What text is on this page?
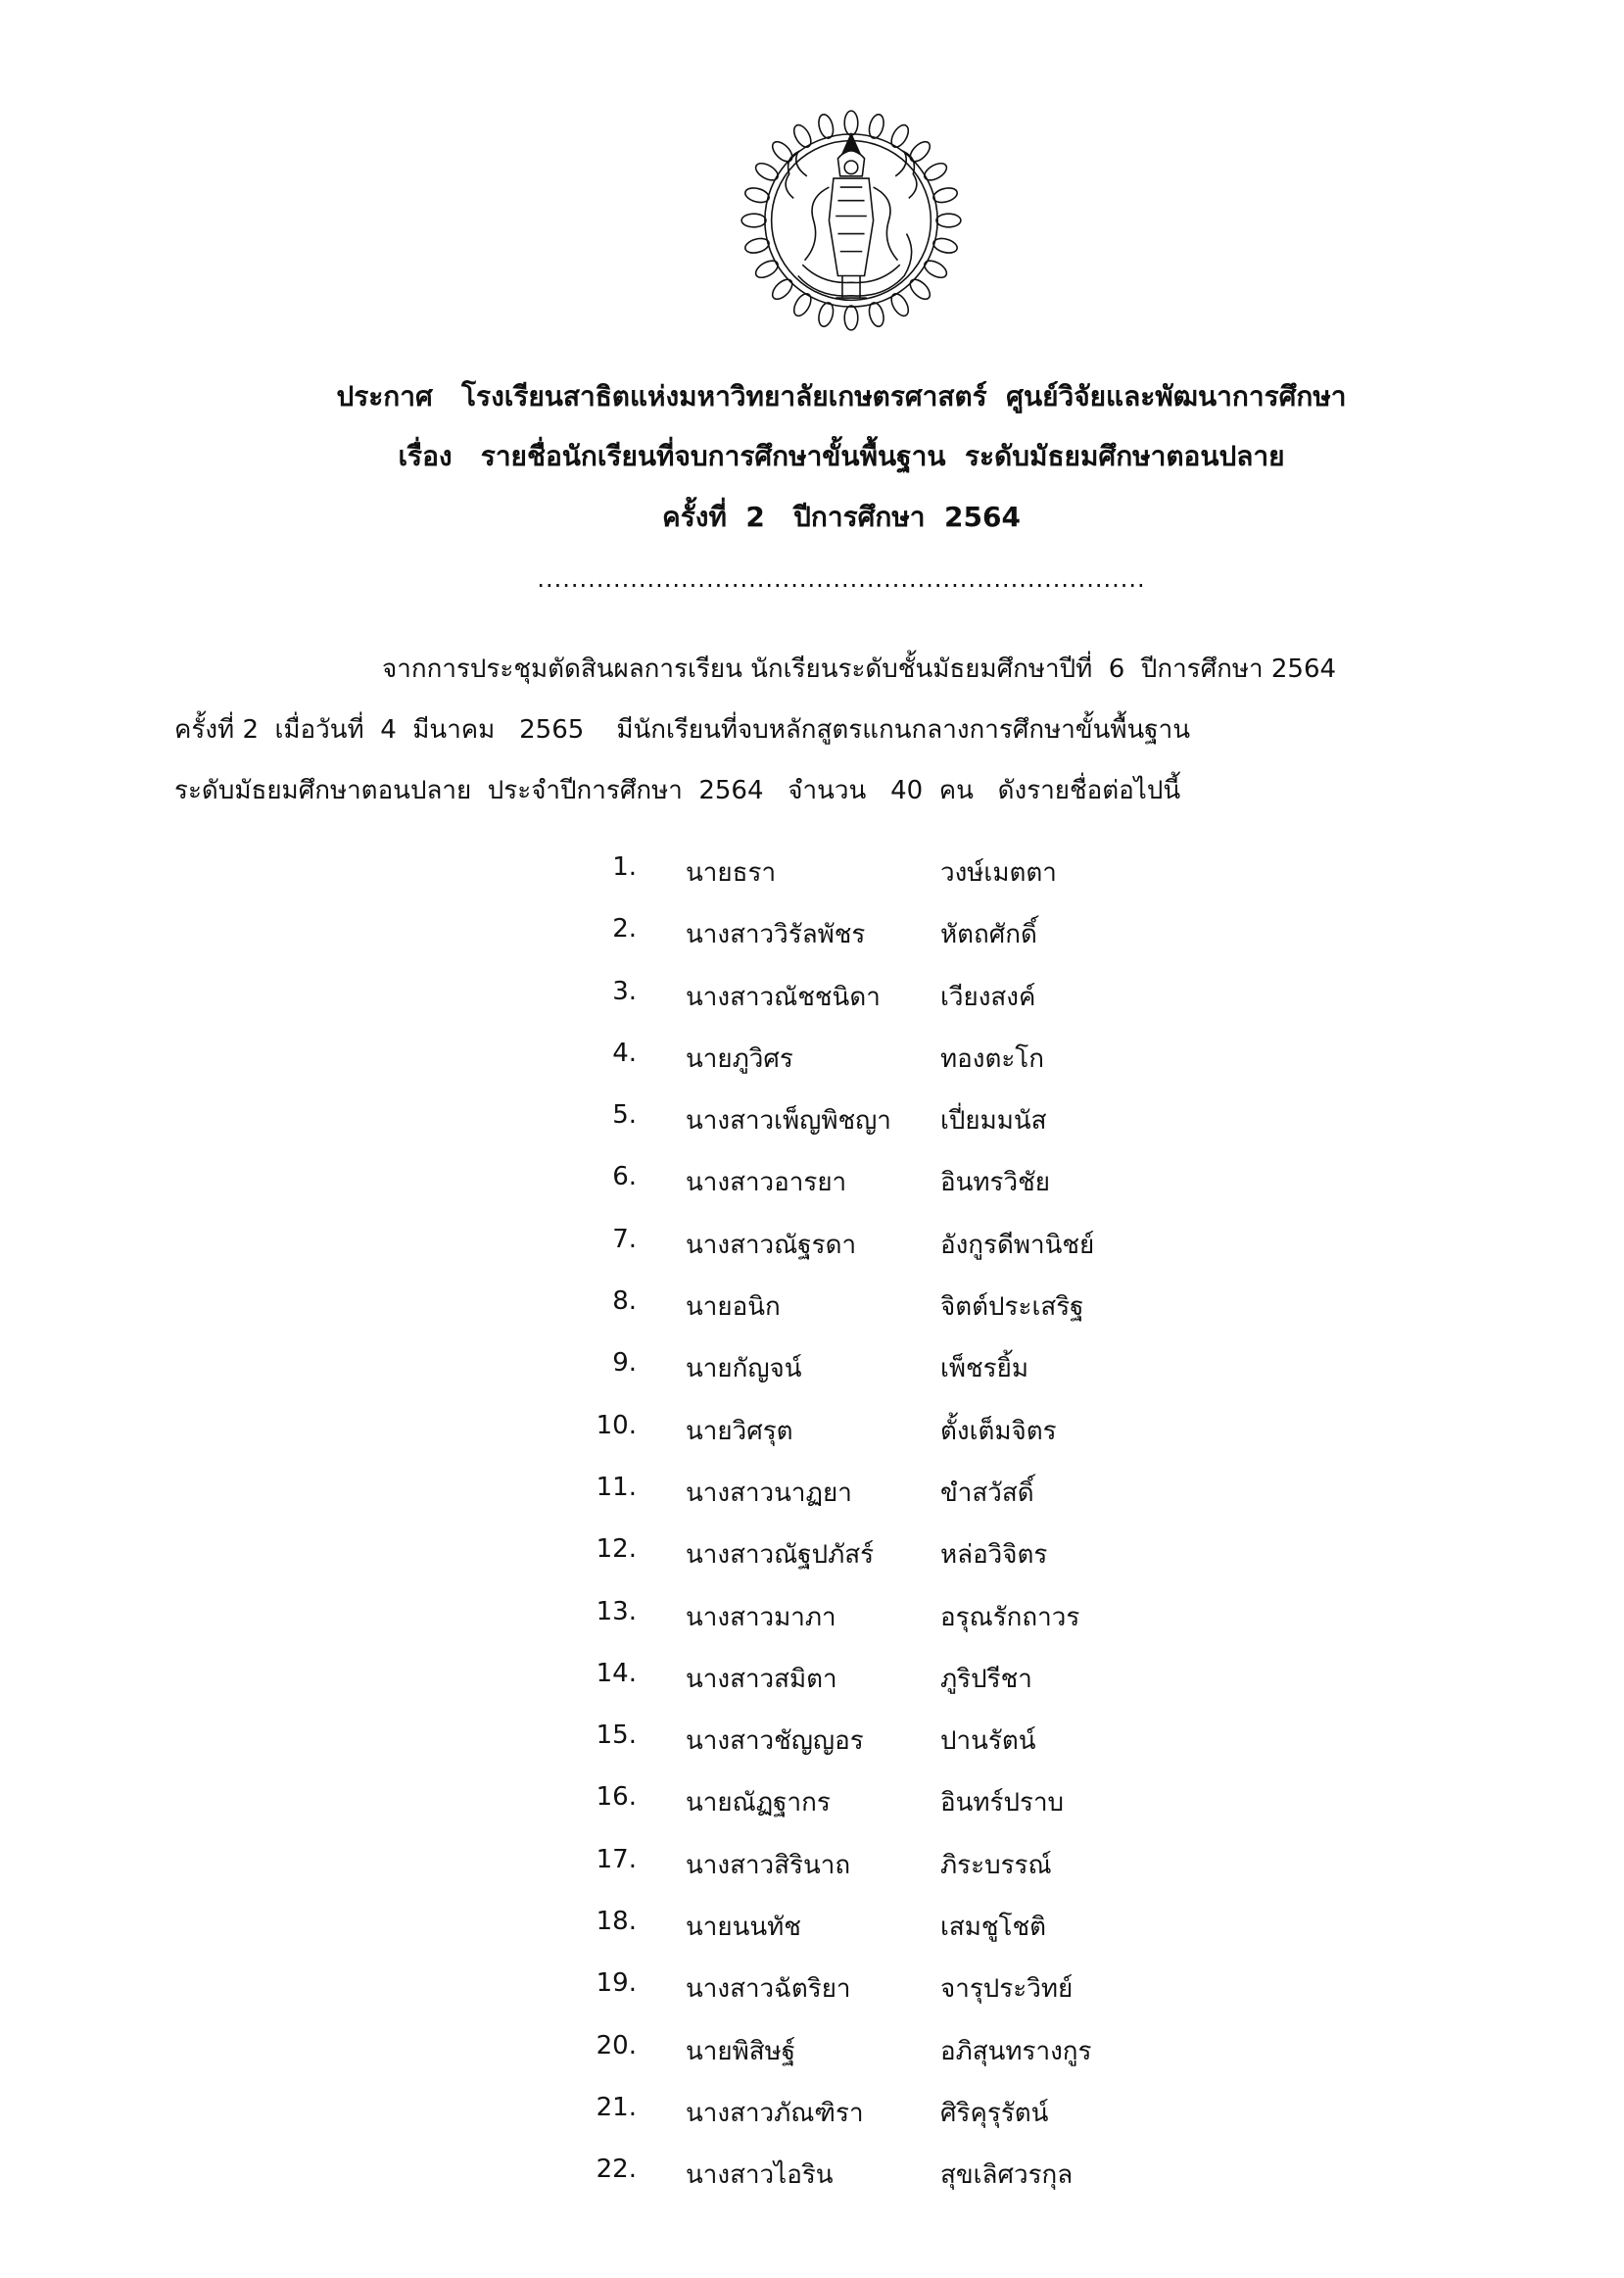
ประกาศ   โรงเรียนสาธิตแห่งมหาวิทยาลัยเกษตรศาสตร์  ศูนย์วิจัยและพัฒนาการศึกษา
เรื่อง   รายชื่อนักเรียนที่จบการศึกษาขั้นพื้นฐาน  ระดับมัธยมศึกษาตอนปลาย
ครั้งที่  2   ปีการศึกษา  2564
........................................................................
จากการประชุมตัดสินผลการเรียน นักเรียนระดับชั้นมัธยมศึกษาปีที่  6  ปีการศึกษา 2564
ครั้งที่ 2  เมื่อวันที่  4  มีนาคม   2565    มีนักเรียนที่จบหลักสูตรแกนกลางการศึกษาขั้นพื้นฐาน
ระดับมัธยมศึกษาตอนปลาย  ประจำปีการศึกษา  2564   จำนวน   40  คน   ดังรายชื่อต่อไปนี้
1. นายธรา	วงษ์เมตตา
2. นางสาววิรัลพัชร	หัตถศักดิ์
3. นางสาวณัชชนิดา	เวียงสงค์
4. นายภูวิศร	ทองตะโก
5. นางสาวเพ็ญพิชญา	เปี่ยมมนัส
6. นางสาวอารยา	อินทรวิชัย
7. นางสาวณัฐรดา	อังกูรดีพานิชย์
8. นายอนิก	จิตต์ประเสริฐ
9. นายกัญจน์	เพ็ชรยิ้ม
10. นายวิศรุต	ตั้งเต็มจิตร
11. นางสาวนาฏยา	ขำสวัสดิ์
12. นางสาวณัฐปภัสร์	หล่อวิจิตร
13. นางสาวมาภา	อรุณรักถาวร
14. นางสาวสมิตา	ภูริปรีชา
15. นางสาวชัญญอร	ปานรัตน์
16. นายณัฏฐากร	อินทร์ปราบ
17. นางสาวสิรินาถ	ภิระบรรณ์
18. นายนนทัช	เสมชูโชติ
19. นางสาวฉัตริยา	จารุประวิทย์
20. นายพิสิษฐ์	อภิสุนทรางกูร
21. นางสาวภัณฑิรา	ศิริคุรุรัตน์
22. นางสาวไอริน	สุขเลิศวรกุล
